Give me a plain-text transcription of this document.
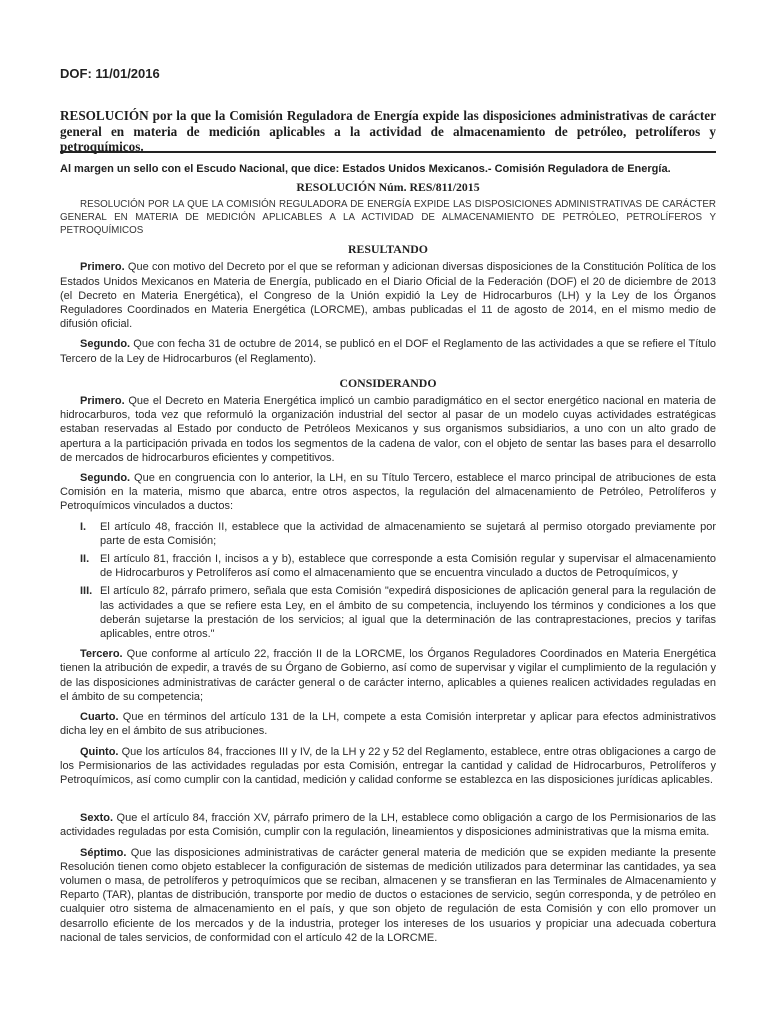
DOF: 11/01/2016
RESOLUCIÓN por la que la Comisión Reguladora de Energía expide las disposiciones administrativas de carácter general en materia de medición aplicables a la actividad de almacenamiento de petróleo, petrolíferos y petroquímicos.
Al margen un sello con el Escudo Nacional, que dice: Estados Unidos Mexicanos.- Comisión Reguladora de Energía.
RESOLUCIÓN Núm. RES/811/2015
RESOLUCIÓN POR LA QUE LA COMISIÓN REGULADORA DE ENERGÍA EXPIDE LAS DISPOSICIONES ADMINISTRATIVAS DE CARÁCTER GENERAL EN MATERIA DE MEDICIÓN APLICABLES A LA ACTIVIDAD DE ALMACENAMIENTO DE PETRÓLEO, PETROLÍFEROS Y PETROQUÍMICOS
RESULTANDO

Primero. Que con motivo del Decreto por el que se reforman y adicionan diversas disposiciones de la Constitución Política de los Estados Unidos Mexicanos en Materia de Energía, publicado en el Diario Oficial de la Federación (DOF) el 20 de diciembre de 2013 (el Decreto en Materia Energética), el Congreso de la Unión expidió la Ley de Hidrocarburos (LH) y la Ley de los Órganos Reguladores Coordinados en Materia Energética (LORCME), ambas publicadas el 11 de agosto de 2014, en el mismo medio de difusión oficial.

Segundo. Que con fecha 31 de octubre de 2014, se publicó en el DOF el Reglamento de las actividades a que se refiere el Título Tercero de la Ley de Hidrocarburos (el Reglamento).

CONSIDERANDO

Primero. Que el Decreto en Materia Energética implicó un cambio paradigmático en el sector energético nacional en materia de hidrocarburos, toda vez que reformuló la organización industrial del sector al pasar de un modelo cuyas actividades estratégicas estaban reservadas al Estado por conducto de Petróleos Mexicanos y sus organismos subsidiarios, a uno con un alto grado de apertura a la participación privada en todos los segmentos de la cadena de valor, con el objeto de sentar las bases para el desarrollo de mercados de hidrocarburos eficientes y competitivos.

Segundo. Que en congruencia con lo anterior, la LH, en su Título Tercero, establece el marco principal de atribuciones de esta Comisión en la materia, mismo que abarca, entre otros aspectos, la regulación del almacenamiento de Petróleo, Petrolíferos y Petroquímicos vinculados a ductos:

I.	El artículo 48, fracción II, establece que la actividad de almacenamiento se sujetará al permiso otorgado previamente por parte de esta Comisión;
II. El artículo 81, fracción I, incisos a y b), establece que corresponde a esta Comisión regular y supervisar el almacenamiento de Hidrocarburos y Petrolíferos así como el almacenamiento que se encuentra vinculado a ductos de Petroquímicos, y
III. El artículo 82, párrafo primero, señala que esta Comisión "expedirá disposiciones de aplicación general para la regulación de las actividades a que se refiere esta Ley, en el ámbito de su competencia, incluyendo los términos y condiciones a los que deberán sujetarse la prestación de los servicios; al igual que la determinación de las contraprestaciones, precios y tarifas aplicables, entre otros."

Tercero. Que conforme al artículo 22, fracción II de la LORCME, los Órganos Reguladores Coordinados en Materia Energética tienen la atribución de expedir, a través de su Órgano de Gobierno, así como de supervisar y vigilar el cumplimiento de la regulación y de las disposiciones administrativas de carácter general o de carácter interno, aplicables a quienes realicen actividades reguladas en el ámbito de su competencia;

Cuarto. Que en términos del artículo 131 de la LH, compete a esta Comisión interpretar y aplicar para efectos administrativos dicha ley en el ámbito de sus atribuciones.

Quinto. Que los artículos 84, fracciones III y IV, de la LH y 22 y 52 del Reglamento, establece, entre otras obligaciones a cargo de los Permisionarios de las actividades reguladas por esta Comisión, entregar la cantidad y calidad de Hidrocarburos, Petrolíferos y Petroquímicos, así como cumplir con la cantidad, medición y calidad conforme se establezca en las disposiciones jurídicas aplicables.

Sexto. Que el artículo 84, fracción XV, párrafo primero de la LH, establece como obligación a cargo de los Permisionarios de las actividades reguladas por esta Comisión, cumplir con la regulación, lineamientos y disposiciones administrativas que la misma emita.

Séptimo. Que las disposiciones administrativas de carácter general materia de medición que se expiden mediante la presente Resolución tienen como objeto establecer la configuración de sistemas de medición utilizados para determinar las cantidades, ya sea volumen o masa, de petrolíferos y petroquímicos que se reciban, almacenen y se transfieran en las Terminales de Almacenamiento y Reparto (TAR), plantas de distribución, transporte por medio de ductos o estaciones de servicio, según corresponda, y de petróleo en cualquier otro sistema de almacenamiento en el país, y que son objeto de regulación de esta Comisión y con ello promover un desarrollo eficiente de los mercados y de la industria, proteger los intereses de los usuarios y propiciar una adecuada cobertura nacional de tales servicios, de conformidad con el artículo 42 de la LORCME.
